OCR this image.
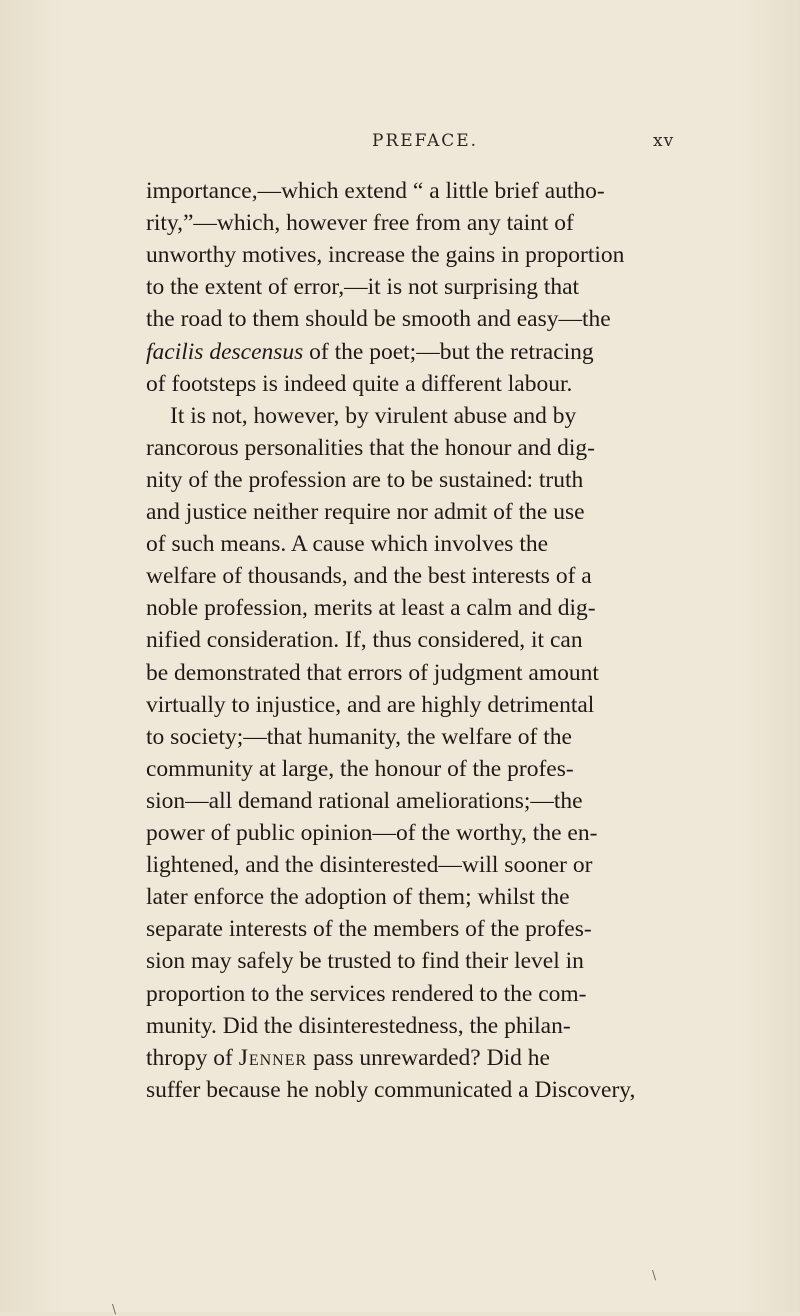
PREFACE.	xv
importance,—which extend “ a little brief autho-
rity,”—which, however free from any taint of
unworthy motives, increase the gains in proportion
to the extent of error,—it is not surprising that
the road to them should be smooth and easy—the
facilis descensus of the poet;—but the retracing
of footsteps is indeed quite a different labour.
It is not, however, by virulent abuse and by
rancorous personalities that the honour and dig-
nity of the profession are to be sustained: truth
and justice neither require nor admit of the use
of such means. A cause which involves the
welfare of thousands, and the best interests of a
noble profession, merits at least a calm and dig-
nified consideration. If, thus considered, it can
be demonstrated that errors of judgment amount
virtually to injustice, and are highly detrimental
to society;—that humanity, the welfare of the
community at large, the honour of the profes-
sion—all demand rational ameliorations;—the
power of public opinion—of the worthy, the en-
lightened, and the disinterested—will sooner or
later enforce the adoption of them; whilst the
separate interests of the members of the profes-
sion may safely be trusted to find their level in
proportion to the services rendered to the com-
munity. Did the disinterestedness, the philan-
thropy of Jenner pass unrewarded? Did he
suffer because he nobly communicated a Discovery,
\
\
